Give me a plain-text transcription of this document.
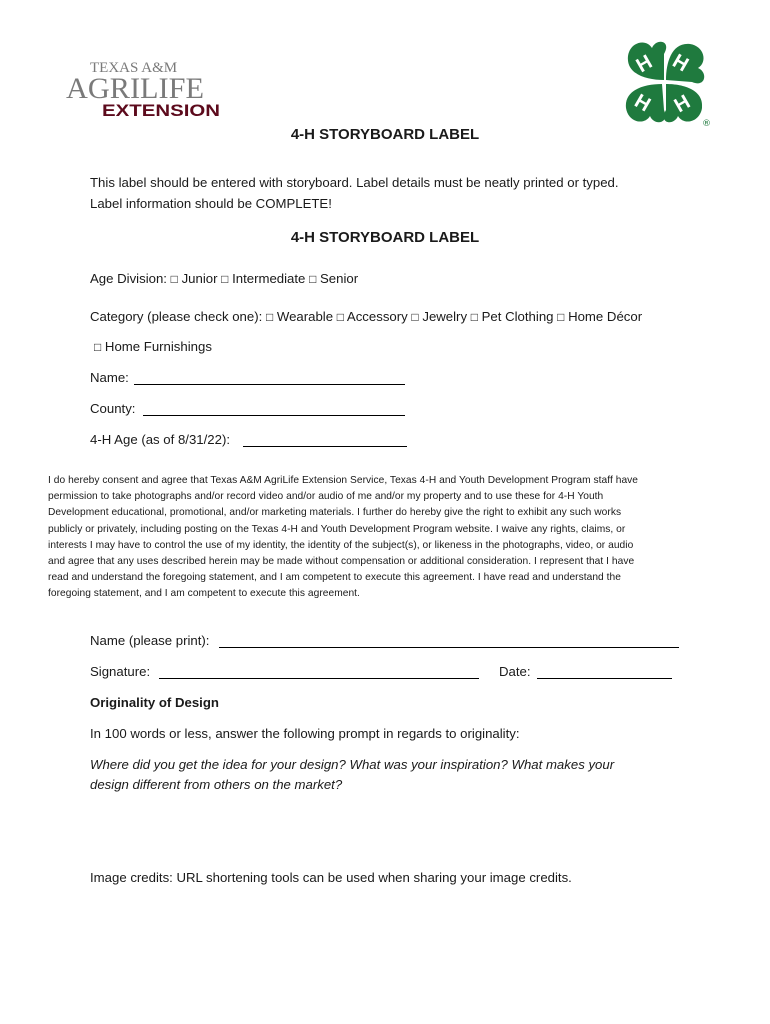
TEXAS A&M
AGRILIFE
EXTENSION
H H
H H
®
4-H STORYBOARD LABEL
This label should be entered with storyboard. Label details must be neatly printed or typed.
Label information should be COMPLETE!
4-H STORYBOARD LABEL
Age Division: □ Junior □ Intermediate □ Senior
Category (please check one): □ Wearable □ Accessory □ Jewelry □ Pet Clothing □ Home Décor
□ Home Furnishings
Name:
County:
4-H Age (as of 8/31/22):
I do hereby consent and agree that Texas A&M AgriLife Extension Service, Texas 4-H and Youth Development Program staff have
permission to take photographs and/or record video and/or audio of me and/or my property and to use these for 4-H Youth
Development educational, promotional, and/or marketing materials. I further do hereby give the right to exhibit any such works
publicly or privately, including posting on the Texas 4-H and Youth Development Program website. I waive any rights, claims, or
interests I may have to control the use of my identity, the identity of the subject(s), or likeness in the photographs, video, or audio
and agree that any uses described herein may be made without compensation or additional consideration. I represent that I have
read and understand the foregoing statement, and I am competent to execute this agreement. I have read and understand the
foregoing statement, and I am competent to execute this agreement.
Name (please print):
Signature:	Date:
Originality of Design
In 100 words or less, answer the following prompt in regards to originality:
Where did you get the idea for your design? What was your inspiration? What makes your
design different from others on the market?
Image credits: URL shortening tools can be used when sharing your image credits.
